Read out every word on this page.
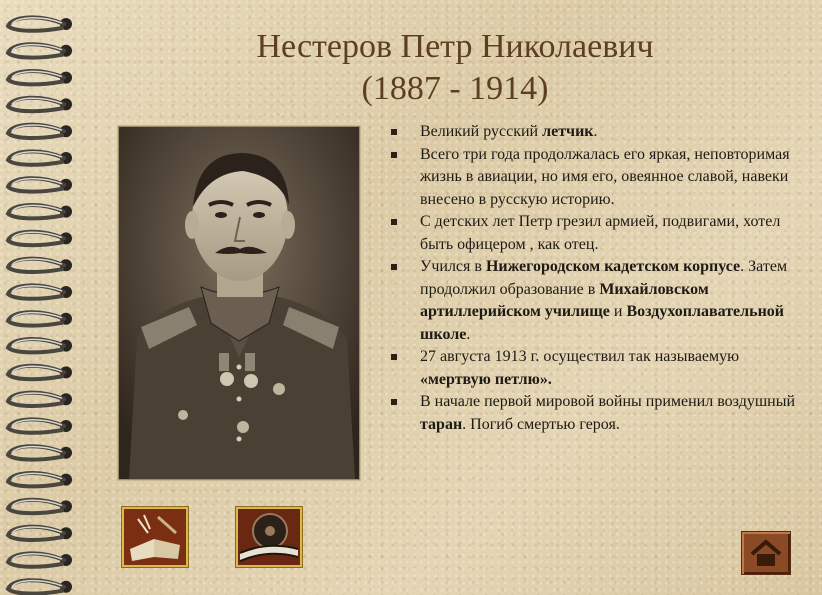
Нестеров Петр Николаевич
(1887 - 1914)
Великий русский летчик.
Всего три года продолжалась его яркая, неповторимая жизнь в авиации, но имя его, овеянное славой, навеки внесено в русскую историю.
С детских лет Петр грезил армией, подвигами, хотел быть офицером , как отец.
Учился в Нижегородском кадетском корпусе. Затем продолжил образование в Михайловском артиллерийском училище и Воздухоплавательной школе.
27 августа 1913 г. осуществил так называемую «мертвую петлю».
В начале первой мировой войны применил воздушный таран. Погиб смертью героя.
